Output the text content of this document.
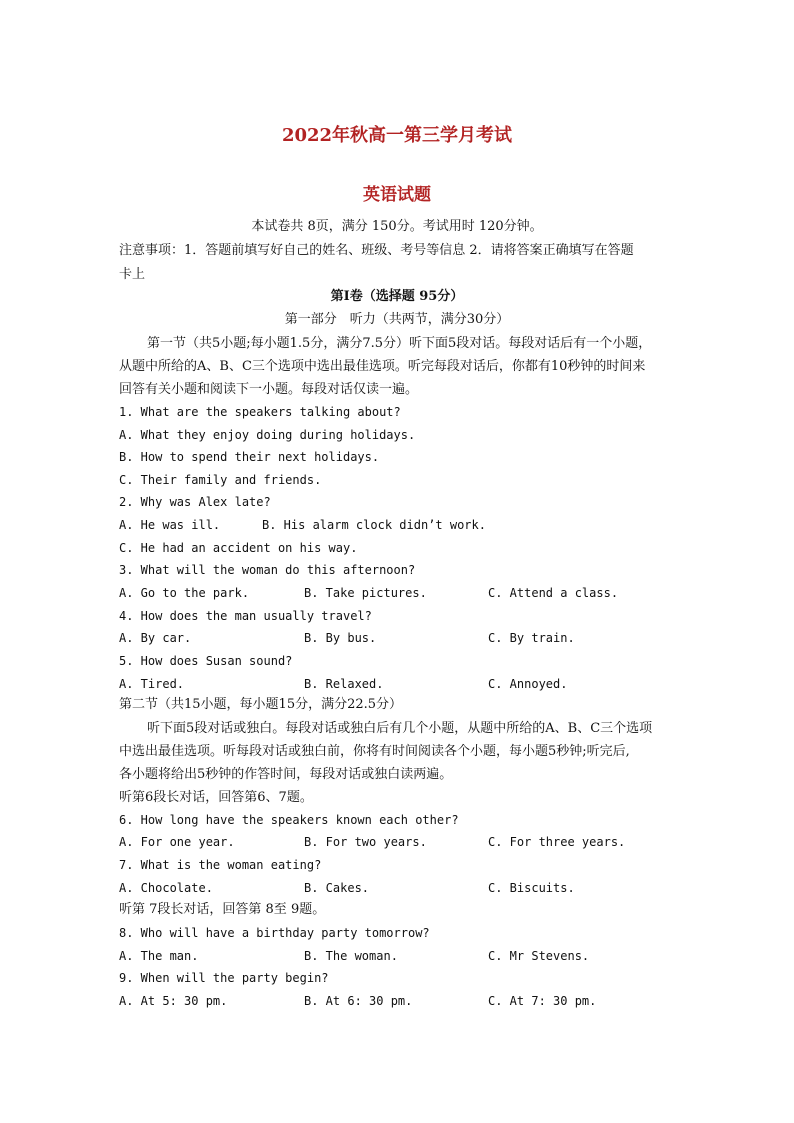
2022年秋高一第三学月考试
英语试题
本试卷共 8页，满分 150分。考试用时 120分钟。
注意事项：1．答题前填写好自己的姓名、班级、考号等信息 2．请将答案正确填写在答题
卡上
第Ⅰ卷（选择题 95分）
第一部分　听力（共两节，满分30分）
第一节（共5小题;每小题1.5分，满分7.5分）听下面5段对话。每段对话后有一个小题，
从题中所给的A、B、C三个选项中选出最佳选项。听完每段对话后，你都有10秒钟的时间来
回答有关小题和阅读下一小题。每段对话仅读一遍。
1. What are the speakers talking about?
A. What they enjoy doing during holidays.
B. How to spend their next holidays.
C. Their family and friends.
2. Why was Alex late?
A. He was ill.	B. His alarm clock didn’t work.
C. He had an accident on his way.
3. What will the woman do this afternoon?
A. Go to the park.	B. Take pictures.	C. Attend a class.
4. How does the man usually travel?
A. By car.	B. By bus.	C. By train.
5. How does Susan sound?
A. Tired.	B. Relaxed.	C. Annoyed.
第二节（共15小题，每小题15分，满分22.5分）
听下面5段对话或独白。每段对话或独白后有几个小题，从题中所给的A、B、C三个选项
中选出最佳选项。听每段对话或独白前，你将有时间阅读各个小题，每小题5秒钟;听完后,
各小题将给出5秒钟的作答时间，每段对话或独白读两遍。
听第6段长对话，回答第6、7题。
6. How long have the speakers known each other?
A. For one year.	B. For two years.	C. For three years.
7. What is the woman eating?
A. Chocolate.	B. Cakes.	C. Biscuits.
听第 7段长对话，回答第 8至 9题。
8. Who will have a birthday party tomorrow?
A. The man.	B. The woman.	C. Mr Stevens.
9. When will the party begin?
A. At 5: 30 pm.	B. At 6: 30 pm.	C. At 7: 30 pm.
